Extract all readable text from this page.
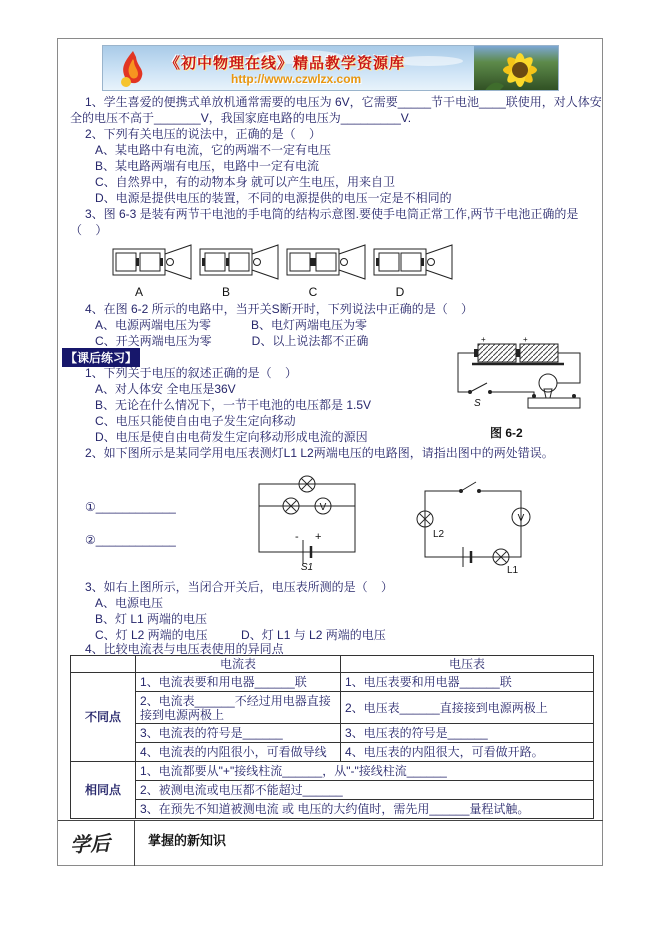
《初中物理在线》精品教学资源库
http://www.czwlzx.com
1、学生喜爱的便携式单放机通常需要的电压为 6V，它需要_____节干电池____联使用，对人体安
全的电压不高于_______V，我国家庭电路的电压为_________V.
2、下列有关电压的说法中，正确的是（    ）
A、某电路中有电流，它的两端不一定有电压
B、某电路两端有电压，电路中一定有电流
C、自然界中，有的动物本身 就可以产生电压，用来自卫
D、电源是提供电压的装置，不同的电源提供的电压一定是不相同的
3、图 6-3 是装有两节干电池的手电筒的结构示意图.要使手电筒正常工作,两节干电池正确的是
（    ）
A	B	C	D
4、在图 6-2 所示的电路中，当开关S断开时，下列说法中正确的是（    ）
A、电源两端电压为零            B、电灯两端电压为零
C、开关两端电压为零            D、以上说法都不正确
【课后练习】
1、下列关于电压的叙述正确的是（    ）
A、对人体安 全电压是36V
B、无论在什么情况下，一节干电池的电压都是 1.5V
C、电压只能使自由电子发生定向移动
D、电压是使自由电荷发生定向移动形成电流的源因
2、如下图所示是某同学用电压表测灯L1 L2两端电压的电路图，请指出图中的两处错误。
+	+
S
图 6-2
①____________
②____________
V
- +
S1
V
L2
L1
3、如右上图所示，当闭合开关后，电压表所测的是（    ）
A、电源电压
B、灯 L1 两端的电压
C、灯 L2 两端的电压          D、灯 L1 与 L2 两端的电压
4、比较电流表与电压表使用的异同点
	电流表	电压表
不同点	1、电流表要和用电器______联	1、电压表要和用电器______联
	2、电流表______不经过用电器直接接到电源两极上	2、电压表______直接接到电源两极上
	3、电流表的符号是______	3、电压表的符号是______
	4、电流表的内阻很小，可看做导线	4、电压表的内阻很大，可看做开路。
相同点	1、电流都要从"+"接线柱流______，从"-"接线柱流______	
	2、被测电流或电压都不能超过______	
	3、在预先不知道被测电流 或 电压的大约值时，需先用______量程试触。	
学后	掌握的新知识
